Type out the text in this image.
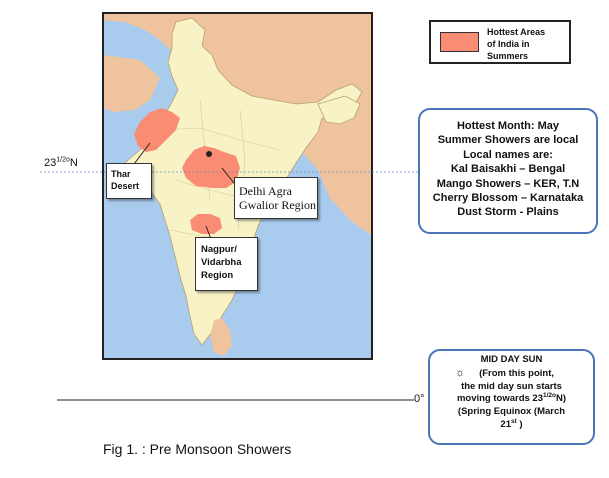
Hottest Areas
of India in
Summers
Thar
Desert	Delhi Agra
Gwalior Region
Nagpur/
Vidarbha
Region
$23^{1/2o}N$
Hottest Month: May
Summer Showers are local
Local names are:
Kal Baisakhi – Bengal
Mango Showers – KER, T.N
Cherry Blossom – Karnataka
Dust Storm - Plains
MID DAY SUN
☼ (From this point,
the mid day sun starts
moving towards $23^{1/2o}N$)
(Spring Equinox (March
21st )
0°
Fig 1. : Pre Monsoon Showers
